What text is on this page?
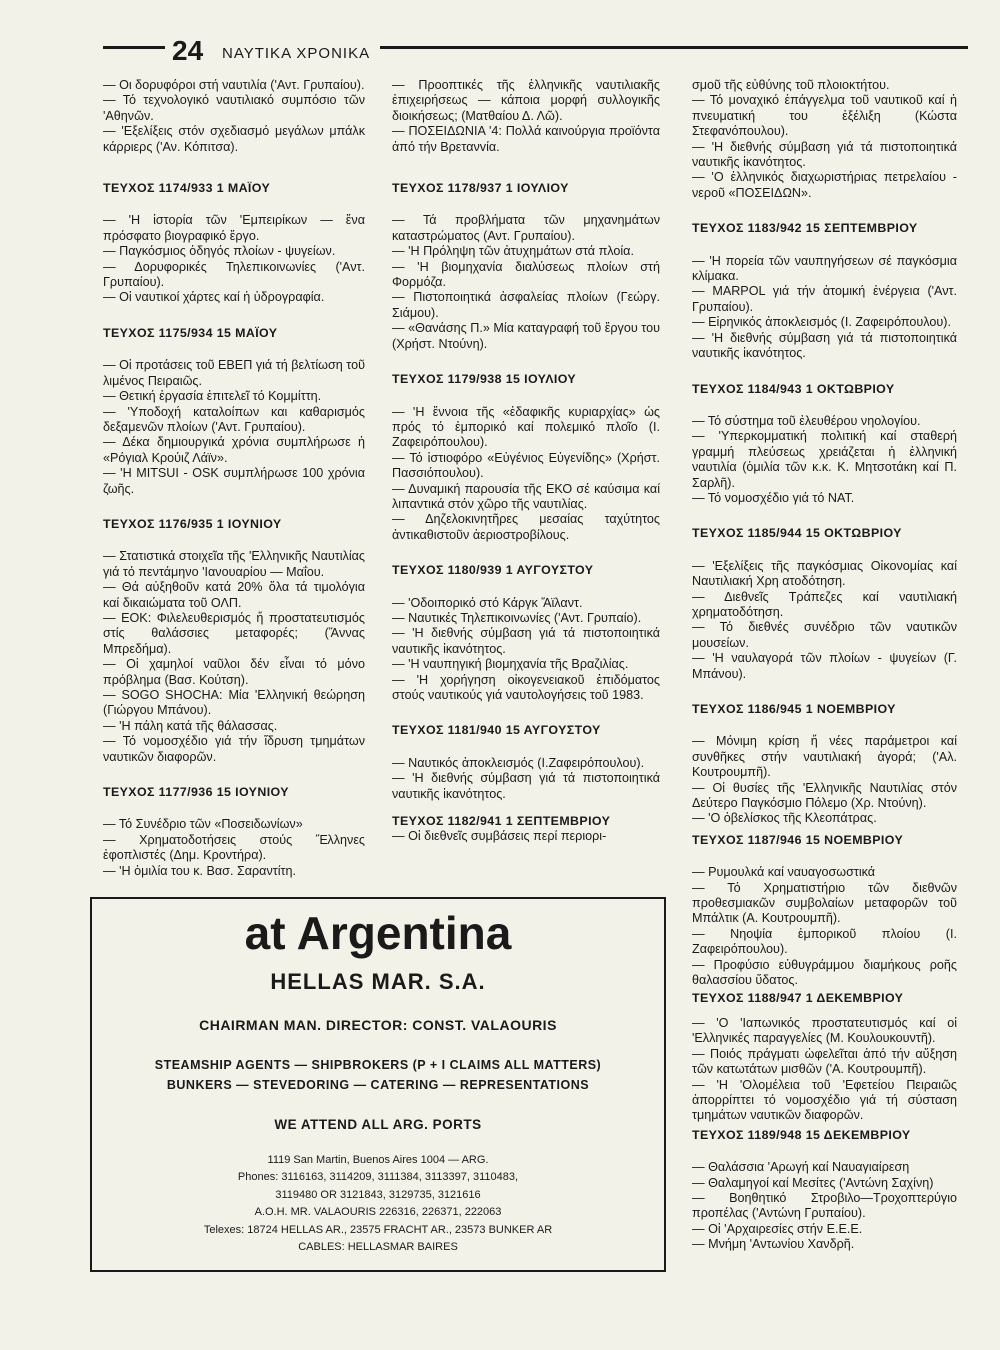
24 ΝΑΥΤΙΚΑ ΧΡΟΝΙΚΑ

— Οι δορυφόροι στή ναυτιλία ('Αντ. Γρυπαίου).

— Τό τεχνολογικό ναυτιλιακό συμπόσιο τῶν 'Αθηνῶν.

— 'Εξελίξεις στόν σχεδιασμό μεγάλων μπάλκ κάρριερς ('Αν. Κόπιτσα).

ΤΕΥΧΟΣ 1174/933 1 ΜΑΪΟΥ

— 'Η ἱστορία τῶν 'Εμπειρίκων — ἕνα πρόσφατο βιογραφικό ἔργο.

— Παγκόσμιος ὁδηγός πλοίων - ψυγείων.

— Δορυφορικές Τηλεπικοινωνίες ('Αντ. Γρυπαίου).

— Οἱ ναυτικοί χάρτες καί ἡ ὑδρογραφία.

ΤΕΥΧΟΣ 1175/934 15 ΜΑΪΟΥ

— Οἱ προτάσεις τοῦ ΕΒΕΠ γιά τή βελτίωση τοῦ λιμένος Πειραιῶς.

— Θετική ἐργασία ἐπιτελεῖ τό Κομμίττη.

— 'Υποδοχή καταλοίπων και καθαρισμός δεξαμενῶν πλοίων ('Αντ. Γρυπαίου).

— Δέκα δημιουργικά χρόνια συμπλήρωσε ἡ «Ρόγιαλ Κρούιζ Λάϊν».

— 'Η MITSUI - OSK συμπλήρωσε 100 χρόνια ζωῆς.

ΤΕΥΧΟΣ 1176/935 1 ΙΟΥΝΙΟΥ

— Στατιστικά στοιχεῖα τῆς 'Ελληνικῆς Ναυτιλίας γιά τό πεντάμηνο 'Ιανουαρίου — Μαΐου.

— Θά αὐξηθοῦν κατά 20% ὅλα τά τιμολόγια καί δικαιώματα τοῦ ΟΛΠ.

— ΕΟΚ: Φιλελευθερισμός ἤ προστατευτισμός στίς θαλάσσιες μεταφορές; (Ἄννας Μπρεδήμα).

— Οἱ χαμηλοί ναῦλοι δέν εἶναι τό μόνο πρόβλημα (Βασ. Κούτση).

— SOGO SHOCHA: Μία 'Ελληνική θεώρηση (Γιώργου Μπάνου).

— 'Η πάλη κατά τῆς θάλασσας.

— Τό νομοσχέδιο γιά τήν ἵδρυση τμημάτων ναυτικῶν διαφορῶν.

ΤΕΥΧΟΣ 1177/936 15 ΙΟΥΝΙΟΥ

— Τό Συνέδριο τῶν «Ποσειδωνίων»

— Χρηματοδοτήσεις στούς Ἕλληνες ἐφοπλιστές (Δημ. Κροντήρα).

— 'Η ὁμιλία του κ. Βασ. Σαραντίτη.

— Προοπτικές τῆς ἑλληνικῆς ναυτιλιακῆς ἐπιχειρήσεως — κάποια μορφή συλλογικῆς διοικήσεως; (Ματθαίου Δ. Λῶ).

— ΠΟΣΕΙΔΩΝΙΑ '4: Πολλά καινούργια προϊόντα ἀπό τήν Βρετανvία.

ΤΕΥΧΟΣ 1178/937 1 ΙΟΥΛΙΟΥ

— Τά προβλήματα τῶν μηχανημάτων καταστρώματος (Αντ. Γρυπαίου).

— 'Η Πρόληψη τῶν ἀτυχημάτων στά πλοία.

— 'Η βιομηχανία διαλύσεως πλοίων στή Φορμόζα.

— Πιστοποιητικά ἀσφαλείας πλοίων (Γεώργ. Σιάμου).

— «Θανάσης Π.» Μία καταγραφή τοῦ ἔργου του (Χρήστ. Ντούνη).

ΤΕΥΧΟΣ 1179/938 15 ΙΟΥΛΙΟΥ

— 'Η ἔννοια τῆς «ἐδαφικῆς κυριαρχίας» ὡς πρός τό ἐμπορικό καί πολεμικό πλοῖο (Ι. Ζαφειρόπουλου).

— Τό ἱστιοφόρο «Εὐγένιος Εὐγενίδης» (Χρήστ. Πασσιόπουλου).

— Δυναμική παρουσία τῆς ΕΚΟ σέ καύσιμα καί λιπαντικά στόν χῶρο τῆς ναυτιλίας.

— Δηζελοκινητῆρες μεσαίας ταχύτητος ἀντικαθιστοῦν ἀεριοστροβίλους.

ΤΕΥΧΟΣ 1180/939 1 ΑΥΓΟΥΣΤΟΥ

— 'Οδοιπορικό στό Κάργκ Ἄϊλαντ.

— Ναυτικές Τηλεπικοινωνίες ('Αντ. Γρυπαίο).

— 'Η διεθνής σύμβαση γιά τά πιστοποιητικά ναυτικῆς ἱκανότητος.

— 'Η ναυπηγική βιομηχανία τῆς Βραζιλίας.

— 'Η χορήγηση οἰκογενειακοῦ ἐπιδόματος στούς ναυτικούς γιά ναυτολογήσεις τοῦ 1983.

ΤΕΥΧΟΣ 1181/940 15 ΑΥΓΟΥΣΤΟΥ

— Ναυτικός ἀποκλεισμός (Ι.Ζαφειρόπουλου).

— 'Η διεθνής σύμβαση γιά τά πιστοποιητικά ναυτικῆς ἱκανότητος.

ΤΕΥΧΟΣ 1182/941 1 ΣΕΠΤΕΜΒΡΙΟΥ

— Οἱ διεθνεῖς συμβάσεις περί περιορι-

σμοῦ τῆς εὐθύνης τοῦ πλοιοκτήτου.

— Τό μοναχικό ἐπάγγελμα τοῦ ναυτικοῦ καί ἡ πνευματική του ἐξέλιξη (Κώστα Στεφανόπουλου).

— 'Η διεθνής σύμβαση γιά τά πιστοποιητικά ναυτικῆς ἱκανότητος.

— 'Ο ἑλληνικός διαχωριστήριας πετρελαίου - νεροῦ «ΠΟΣΕΙΔΩΝ».

ΤΕΥΧΟΣ 1183/942 15 ΣΕΠΤΕΜΒΡΙΟΥ

— 'Η πορεία τῶν ναυπηγήσεων σέ παγκόσμια κλίμακα.

— MARPOL γιά τήν ἀτομική ἐνέργεια ('Αντ. Γρυπαίου).

— Εἰρηνικός ἀποκλεισμός (Ι. Ζαφειρόπουλου).

— 'Η διεθνής σύμβαση γιά τά πιστοποιητικά ναυτικῆς ἱκανότητος.

ΤΕΥΧΟΣ 1184/943 1 ΟΚΤΩΒΡΙΟΥ

— Τό σύστημα τοῦ ἐλευθέρου νηολογίου.

— 'Υπερκομματική πολιτική καί σταθερή γραμμή πλεύσεως χρειάζεται ἡ ἑλληνική ναυτιλία (ὁμιλία τῶν κ.κ. Κ. Μητσοτάκη καί Π. Σαρλῆ).

— Τό νομοσχέδιο γιά τό ΝΑΤ.

ΤΕΥΧΟΣ 1185/944 15 ΟΚΤΩΒΡΙΟΥ

— 'Εξελίξεις τῆς παγκόσμιας Οἰκονομίας καί Ναυτιλιακή Χρη ατοδότηση.

— Διεθνεῖς Τράπεζες καί ναυτιλιακή χρηματοδότηση.

— Τό διεθνές συνέδριο τῶν ναυτικῶν μουσείων.

— 'Η ναυλαγορά τῶν πλοίων - ψυγείων (Γ. Μπάνου).

ΤΕΥΧΟΣ 1186/945 1 ΝΟΕΜΒΡΙΟΥ

— Μόνιμη κρίση ἤ νέες παράμετροι καί συνθῆκες στήν ναυτιλιακή ἀγορά; ('Αλ. Κουτρουμπῆ).

— Οἱ θυσίες τῆς 'Ελληνικῆς Ναυτιλίας στόν Δεύτερο Παγκόσμιο Πόλεμο (Χρ. Ντούνη).

— 'Ο ὀβελίσκος τῆς Κλεοπάτρας.

ΤΕΥΧΟΣ 1187/946 15 ΝΟΕΜΒΡΙΟΥ

— Ρυμουλκά καί ναυαγοσωστικά

— Τό Χρηματιστήριο τῶν διεθνῶν προθεσμιακῶν συμβολαίων μεταφορῶν τοῦ Μπάλτικ (Α. Κουτρουμπῆ).

— Νηοψία ἐμπορικοῦ πλοίου (Ι. Ζαφειρόπουλου).

— Προφύσιο εὐθυγράμμου διαμήκους ροῆς θαλασσίου ὕδατος.

ΤΕΥΧΟΣ 1188/947 1 ΔΕΚΕΜΒΡΙΟΥ

— 'Ο 'Ιαπωνικός προστατευτισμός καί οἱ 'Ελληνικές παραγγελίες (Μ. Κουλουκουντῆ).

— Ποιός πράγματι ὠφελεῖται ἀπό τήν αὔξηση τῶν κατωτάτων μισθῶν ('Α. Κουτρουμπῆ).

— 'Η 'Ολομέλεια τοῦ 'Εφετείου Πειραιῶς ἀπορρίπτει τό νομοσχέδιο γιά τή σύσταση τμημάτων ναυτικῶν διαφορῶν.

ΤΕΥΧΟΣ 1189/948 15 ΔΕΚΕΜΒΡΙΟΥ

— Θαλάσσια 'Αρωγή καί Ναυαγιαίρεση

— Θαλαμηγοί καί Μεσίτες ('Αντώνη Σαχίνη)

— Βοηθητικό Στροβιλο—Τροχοπτερύγιο προπέλας ('Αντώνη Γρυπαίου).

— Οἱ 'Αρχαιρεσίες στήν Ε.Ε.Ε.

— Μνήμη 'Αντωνίου Χανδρῆ.

at Argentina
HELLAS MAR. S.A.
CHAIRMAN MAN. DIRECTOR: CONST. VALAOURIS
STEAMSHIP AGENTS — SHIPBROKERS (P + I CLAIMS ALL MATTERS)
BUNKERS — STEVEDORING — CATERING — REPRESENTATIONS
WE ATTEND ALL ARG. PORTS
1119 San Martin, Buenos Aires 1004 — ARG.
Phones: 3116163, 3114209, 3111384, 3113397, 3110483,
3119480 OR 3121843, 3129735, 3121616
A.O.H. MR. VALAOURIS 226316, 226371, 222063
Telexes: 18724 HELLAS AR., 23575 FRACHT AR., 23573 BUNKER AR
CABLES: HELLASMAR BAIRES
